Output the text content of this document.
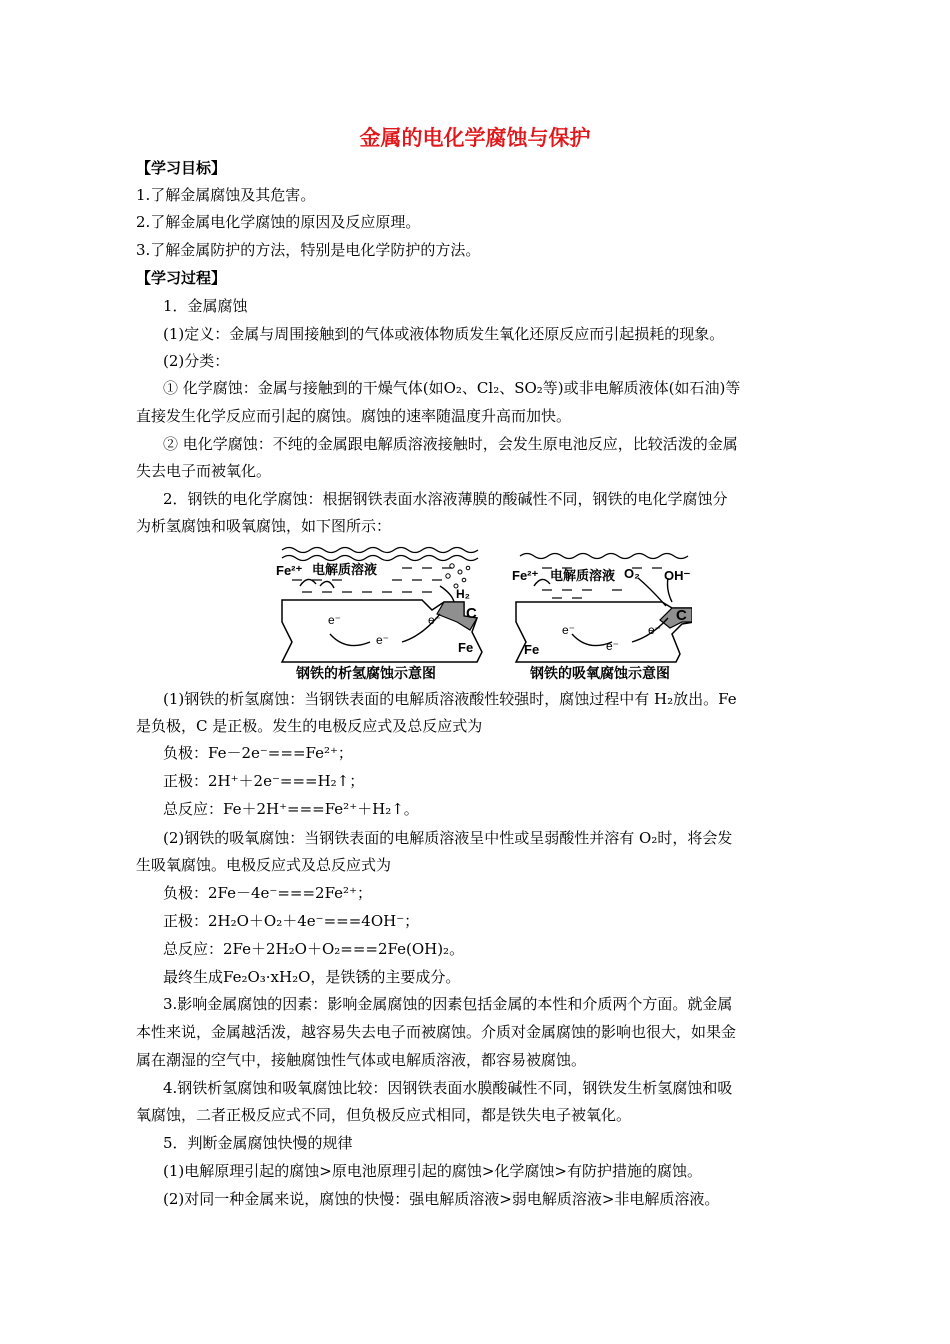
金属的电化学腐蚀与保护
【学习目标】
1.了解金属腐蚀及其危害。
2.了解金属电化学腐蚀的原因及反应原理。
3.了解金属防护的方法，特别是电化学防护的方法。
【学习过程】
1．金属腐蚀
(1)定义：金属与周围接触到的气体或液体物质发生氧化还原反应而引起损耗的现象。
(2)分类：
① 化学腐蚀：金属与接触到的干燥气体(如O₂、Cl₂、SO₂等)或非电解质液体(如石油)等
直接发生化学反应而引起的腐蚀。腐蚀的速率随温度升高而加快。
② 电化学腐蚀：不纯的金属跟电解质溶液接触时，会发生原电池反应，比较活泼的金属
失去电子而被氧化。
2．钢铁的电化学腐蚀：根据钢铁表面水溶液薄膜的酸碱性不同，钢铁的电化学腐蚀分
为析氢腐蚀和吸氧腐蚀，如下图所示：
Fe²⁺ 电解质溶液
H₂
e⁻
e⁻
e⁻ C
Fe
钢铁的析氢腐蚀示意图
Fe²⁺ 电解质溶液 O₂ OH⁻
e⁻
e⁻
e⁻
C
Fe
钢铁的吸氧腐蚀示意图
(1)钢铁的析氢腐蚀：当钢铁表面的电解质溶液酸性较强时，腐蚀过程中有 H₂放出。Fe
是负极，C 是正极。发生的电极反应式及总反应式为
负极：Fe－2e⁻===Fe²⁺；
正极：2H⁺＋2e⁻===H₂↑；
总反应：Fe＋2H⁺===Fe²⁺＋H₂↑。
(2)钢铁的吸氧腐蚀：当钢铁表面的电解质溶液呈中性或呈弱酸性并溶有 O₂时，将会发
生吸氧腐蚀。电极反应式及总反应式为
负极：2Fe－4e⁻===2Fe²⁺；
正极：2H₂O＋O₂＋4e⁻===4OH⁻；
总反应：2Fe＋2H₂O＋O₂===2Fe(OH)₂。
最终生成Fe₂O₃·xH₂O，是铁锈的主要成分。
3.影响金属腐蚀的因素：影响金属腐蚀的因素包括金属的本性和介质两个方面。就金属
本性来说，金属越活泼，越容易失去电子而被腐蚀。介质对金属腐蚀的影响也很大，如果金
属在潮湿的空气中，接触腐蚀性气体或电解质溶液，都容易被腐蚀。
4.钢铁析氢腐蚀和吸氧腐蚀比较：因钢铁表面水膜酸碱性不同，钢铁发生析氢腐蚀和吸
氧腐蚀，二者正极反应式不同，但负极反应式相同，都是铁失电子被氧化。
5．判断金属腐蚀快慢的规律
(1)电解原理引起的腐蚀>原电池原理引起的腐蚀>化学腐蚀>有防护措施的腐蚀。
(2)对同一种金属来说，腐蚀的快慢：强电解质溶液>弱电解质溶液>非电解质溶液。
